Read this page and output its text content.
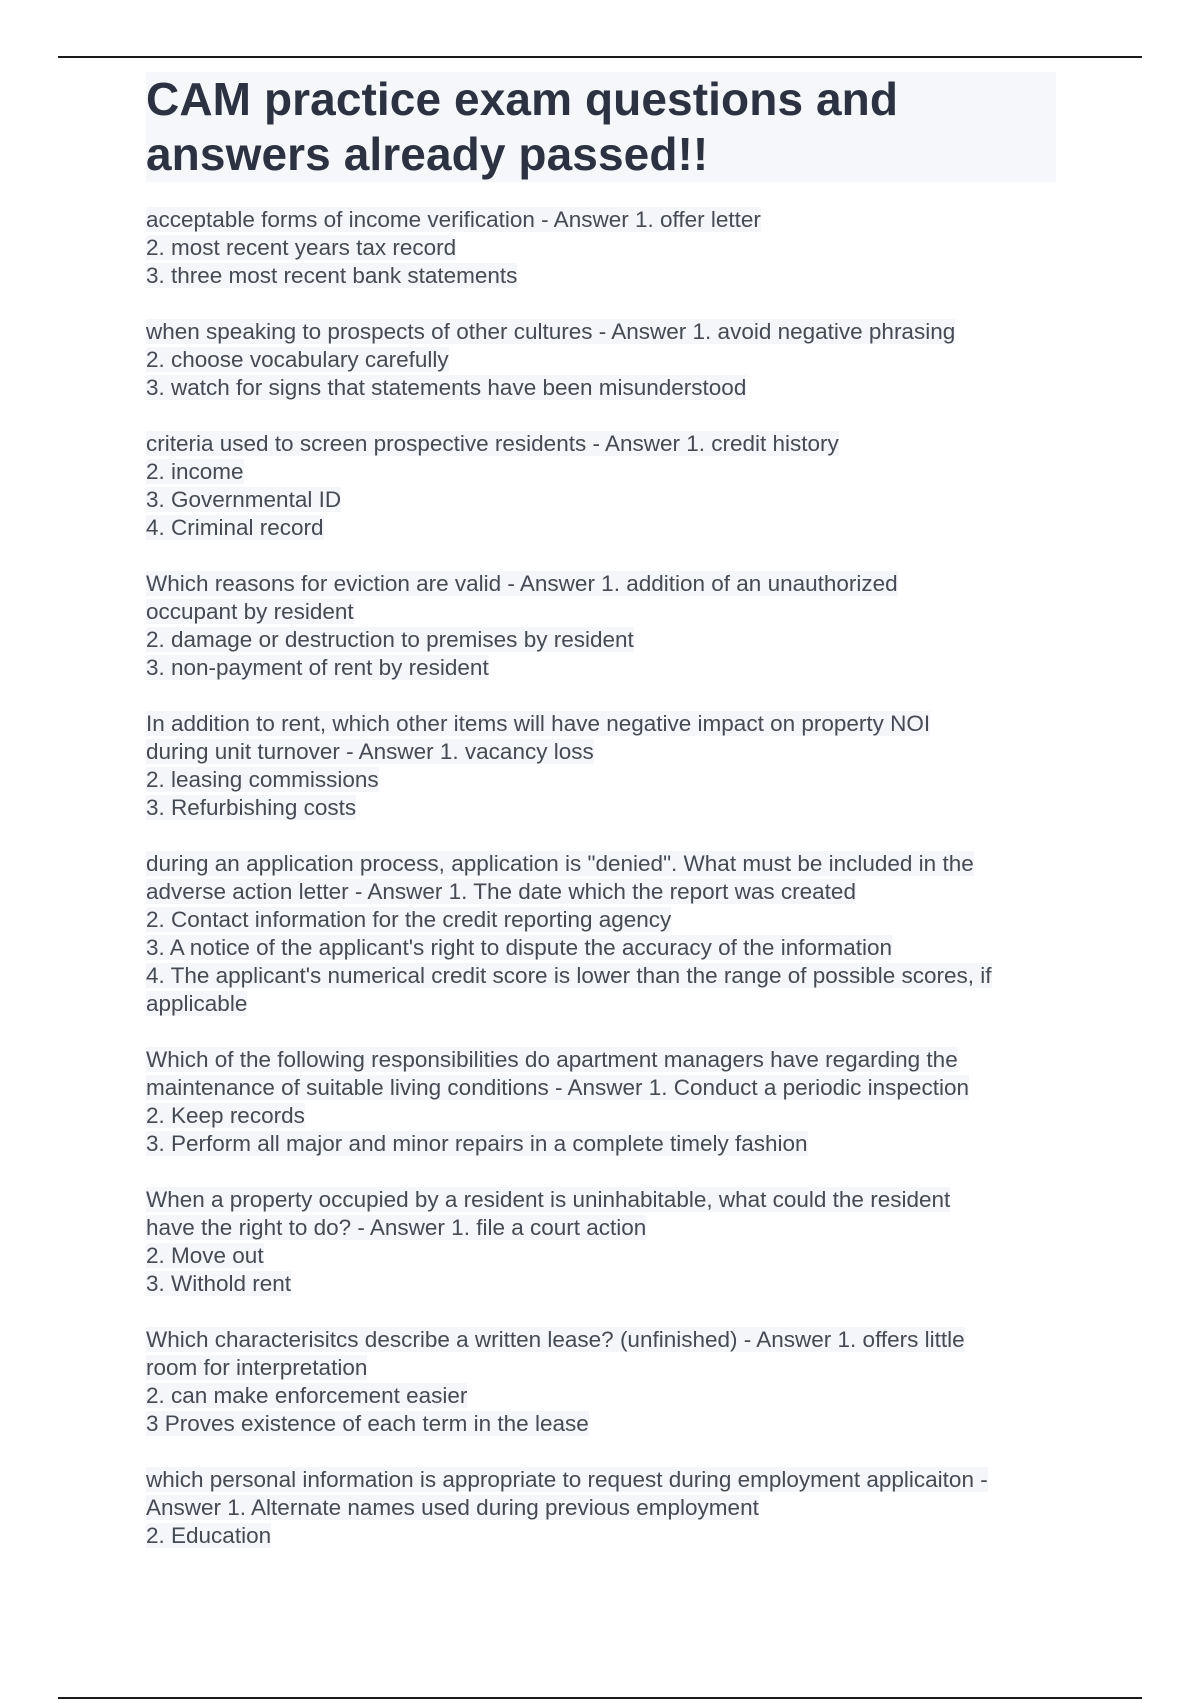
CAM practice exam questions and
answers already passed!!
acceptable forms of income verification - Answer 1. offer letter
2. most recent years tax record
3. three most recent bank statements
when speaking to prospects of other cultures - Answer 1. avoid negative phrasing
2. choose vocabulary carefully
3. watch for signs that statements have been misunderstood
criteria used to screen prospective residents - Answer 1. credit history
2. income
3. Governmental ID
4. Criminal record
Which reasons for eviction are valid - Answer 1. addition of an unauthorized
occupant by resident
2. damage or destruction to premises by resident
3. non-payment of rent by resident
In addition to rent, which other items will have negative impact on property NOI
during unit turnover - Answer 1. vacancy loss
2. leasing commissions
3. Refurbishing costs
during an application process, application is "denied". What must be included in the
adverse action letter - Answer 1. The date which the report was created
2. Contact information for the credit reporting agency
3. A notice of the applicant's right to dispute the accuracy of the information
4. The applicant's numerical credit score is lower than the range of possible scores, if
applicable
Which of the following responsibilities do apartment managers have regarding the
maintenance of suitable living conditions - Answer 1. Conduct a periodic inspection
2. Keep records
3. Perform all major and minor repairs in a complete timely fashion
When a property occupied by a resident is uninhabitable, what could the resident
have the right to do? - Answer 1. file a court action
2. Move out
3. Withold rent
Which characterisitcs describe a written lease? (unfinished) - Answer 1. offers little
room for interpretation
2. can make enforcement easier
3 Proves existence of each term in the lease
which personal information is appropriate to request during employment applicaiton -
Answer 1. Alternate names used during previous employment
2. Education
